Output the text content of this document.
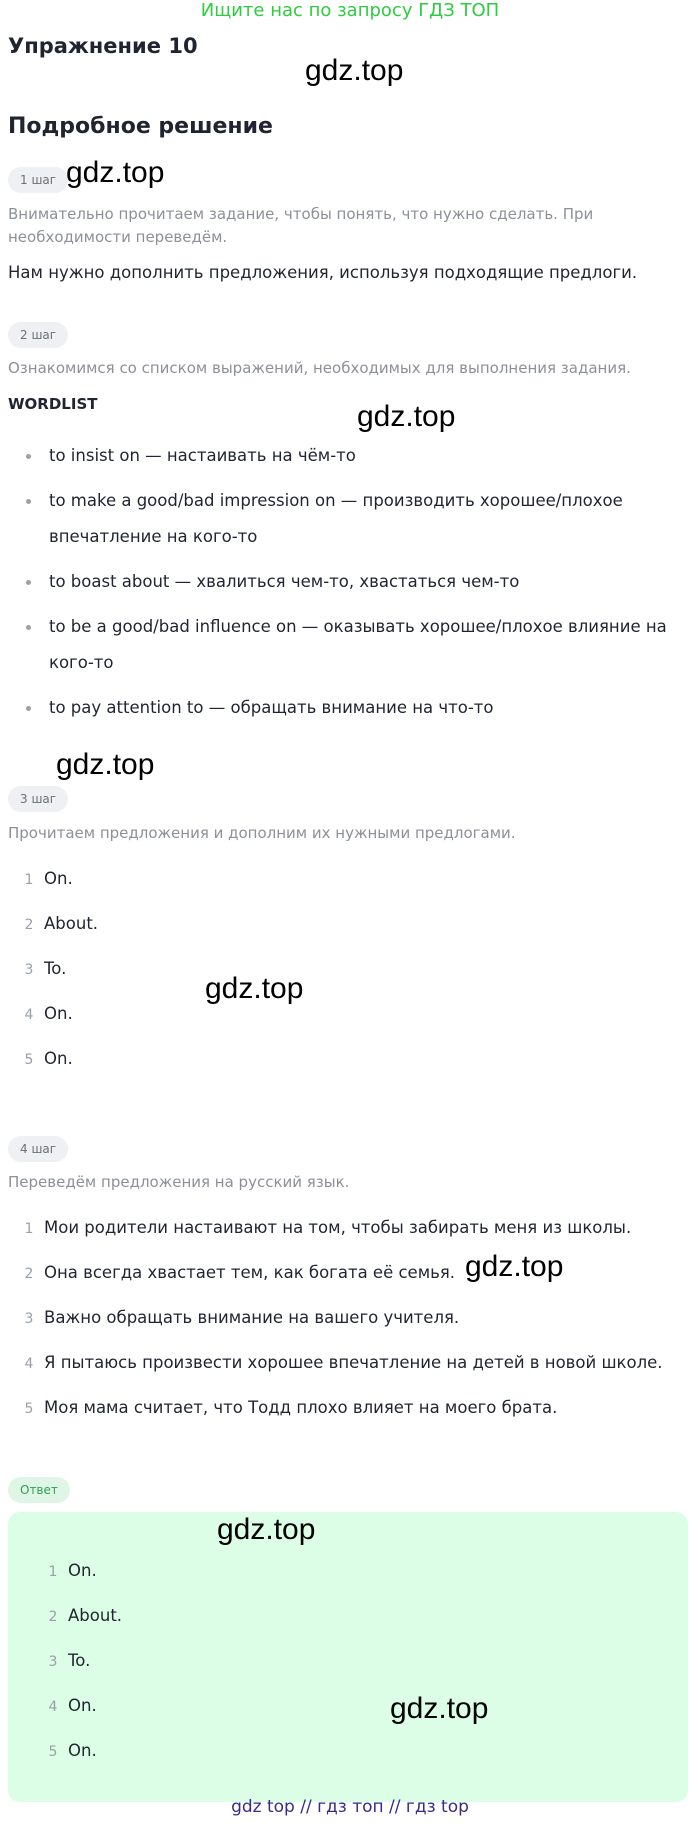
Ищите нас по запросу ГДЗ ТОП
Упражнение 10
gdz.top
Подробное решение
1 шаг gdz.top
Внимательно прочитаем задание, чтобы понять, что нужно сделать. При необходимости переведём.
Нам нужно дополнить предложения, используя подходящие предлоги.
2 шаг
Ознакомимся со списком выражений, необходимых для выполнения задания.
WORDLIST	gdz.top
to insist on — настаивать на чём-то
to make a good/bad impression on — производить хорошее/плохое впечатление на кого-то
to boast about — хвалиться чем-то, хвастаться чем-то
to be a good/bad influence on — оказывать хорошее/плохое влияние на кого-то
to pay attention to — обращать внимание на что-то
gdz.top
3 шаг
Прочитаем предложения и дополним их нужными предлогами.
1 On.
2 About.
3 To.
4 On.
5 On.
gdz.top
4 шаг
Переведём предложения на русский язык.
1 Мои родители настаивают на том, чтобы забирать меня из школы.
2 Она всегда хвастает тем, как богата её семья.
3 Важно обращать внимание на вашего учителя.
4 Я пытаюсь произвести хорошее впечатление на детей в новой школе.
5 Моя мама считает, что Тодд плохо влияет на моего брата.
gdz.top
Ответ
gdz.top
1 On.
2 About.
3 To.
4 On.
5 On.
gdz.top
gdz top // гдз топ // гдз top
